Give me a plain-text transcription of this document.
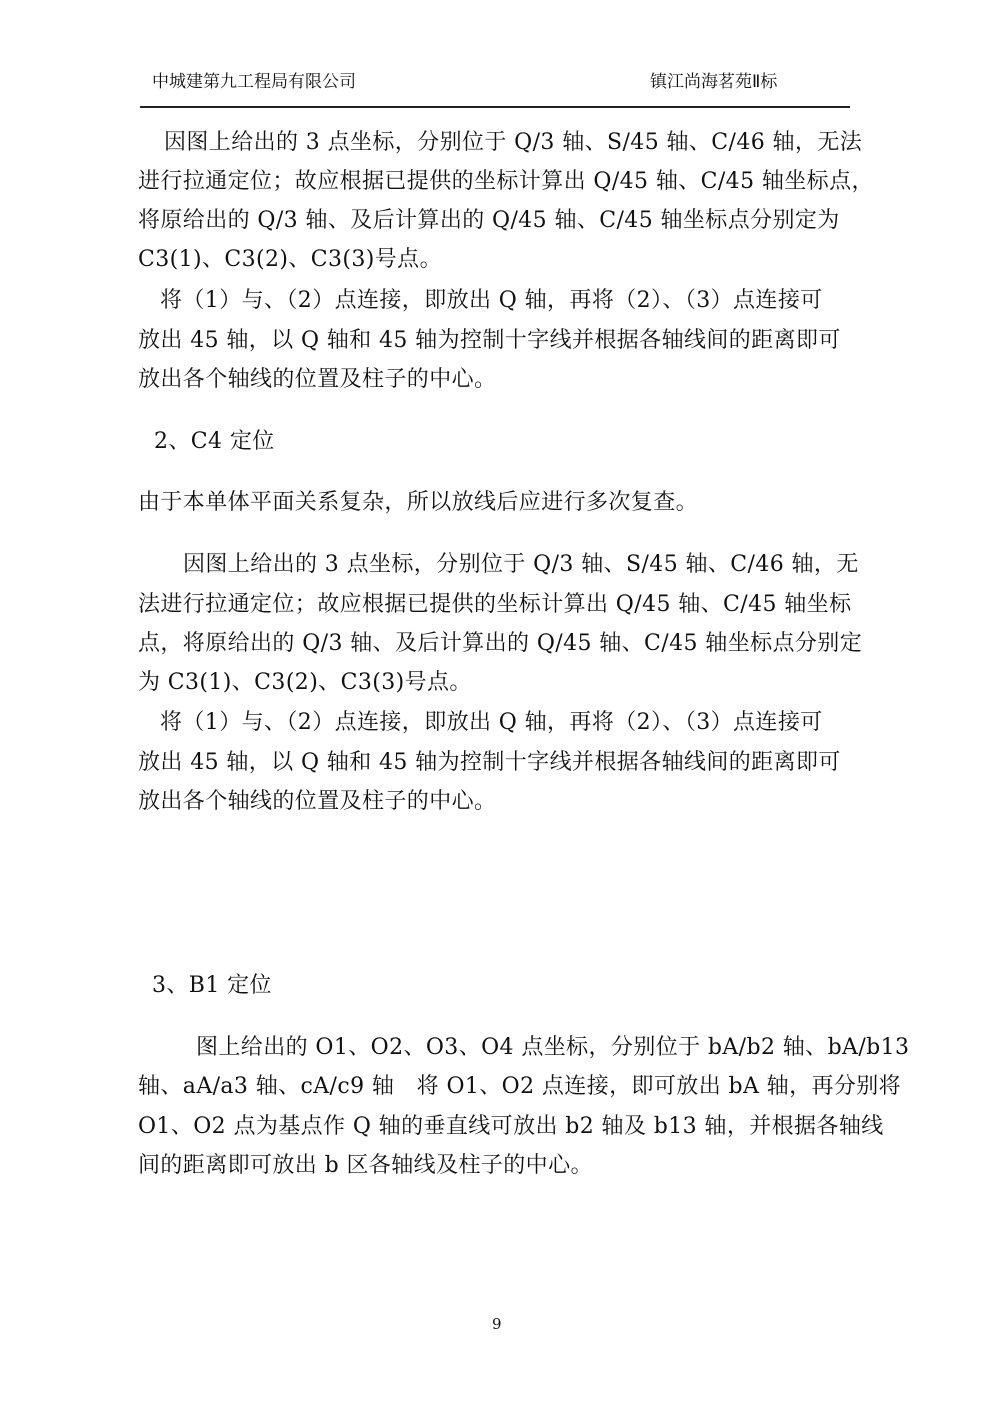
中城建第九工程局有限公司	镇江尚海茗苑Ⅱ标
因图上给出的 3 点坐标，分别位于 Q/3 轴、S/45 轴、C/46 轴，无法
进行拉通定位；故应根据已提供的坐标计算出 Q/45 轴、C/45 轴坐标点，
将原给出的 Q/3 轴、及后计算出的 Q/45 轴、C/45 轴坐标点分别定为
C3(1)、C3(2)、C3(3)号点。
将（1）与、（2）点连接，即放出 Q 轴，再将（2）、（3）点连接可
放出 45 轴，以 Q 轴和 45 轴为控制十字线并根据各轴线间的距离即可
放出各个轴线的位置及柱子的中心。
2、C4 定位
由于本单体平面关系复杂，所以放线后应进行多次复查。
因图上给出的 3 点坐标，分别位于 Q/3 轴、S/45 轴、C/46 轴，无
法进行拉通定位；故应根据已提供的坐标计算出 Q/45 轴、C/45 轴坐标
点，将原给出的 Q/3 轴、及后计算出的 Q/45 轴、C/45 轴坐标点分别定
为 C3(1)、C3(2)、C3(3)号点。
将（1）与、（2）点连接，即放出 Q 轴，再将（2）、（3）点连接可
放出 45 轴，以 Q 轴和 45 轴为控制十字线并根据各轴线间的距离即可
放出各个轴线的位置及柱子的中心。
3、B1 定位
图上给出的 O1、O2、O3、O4 点坐标，分别位于 bA/b2 轴、bA/b13
轴、aA/a3 轴、cA/c9 轴　将 O1、O2 点连接，即可放出 bA 轴，再分别将
O1、O2 点为基点作 Q 轴的垂直线可放出 b2 轴及 b13 轴，并根据各轴线
间的距离即可放出 b 区各轴线及柱子的中心。
9
